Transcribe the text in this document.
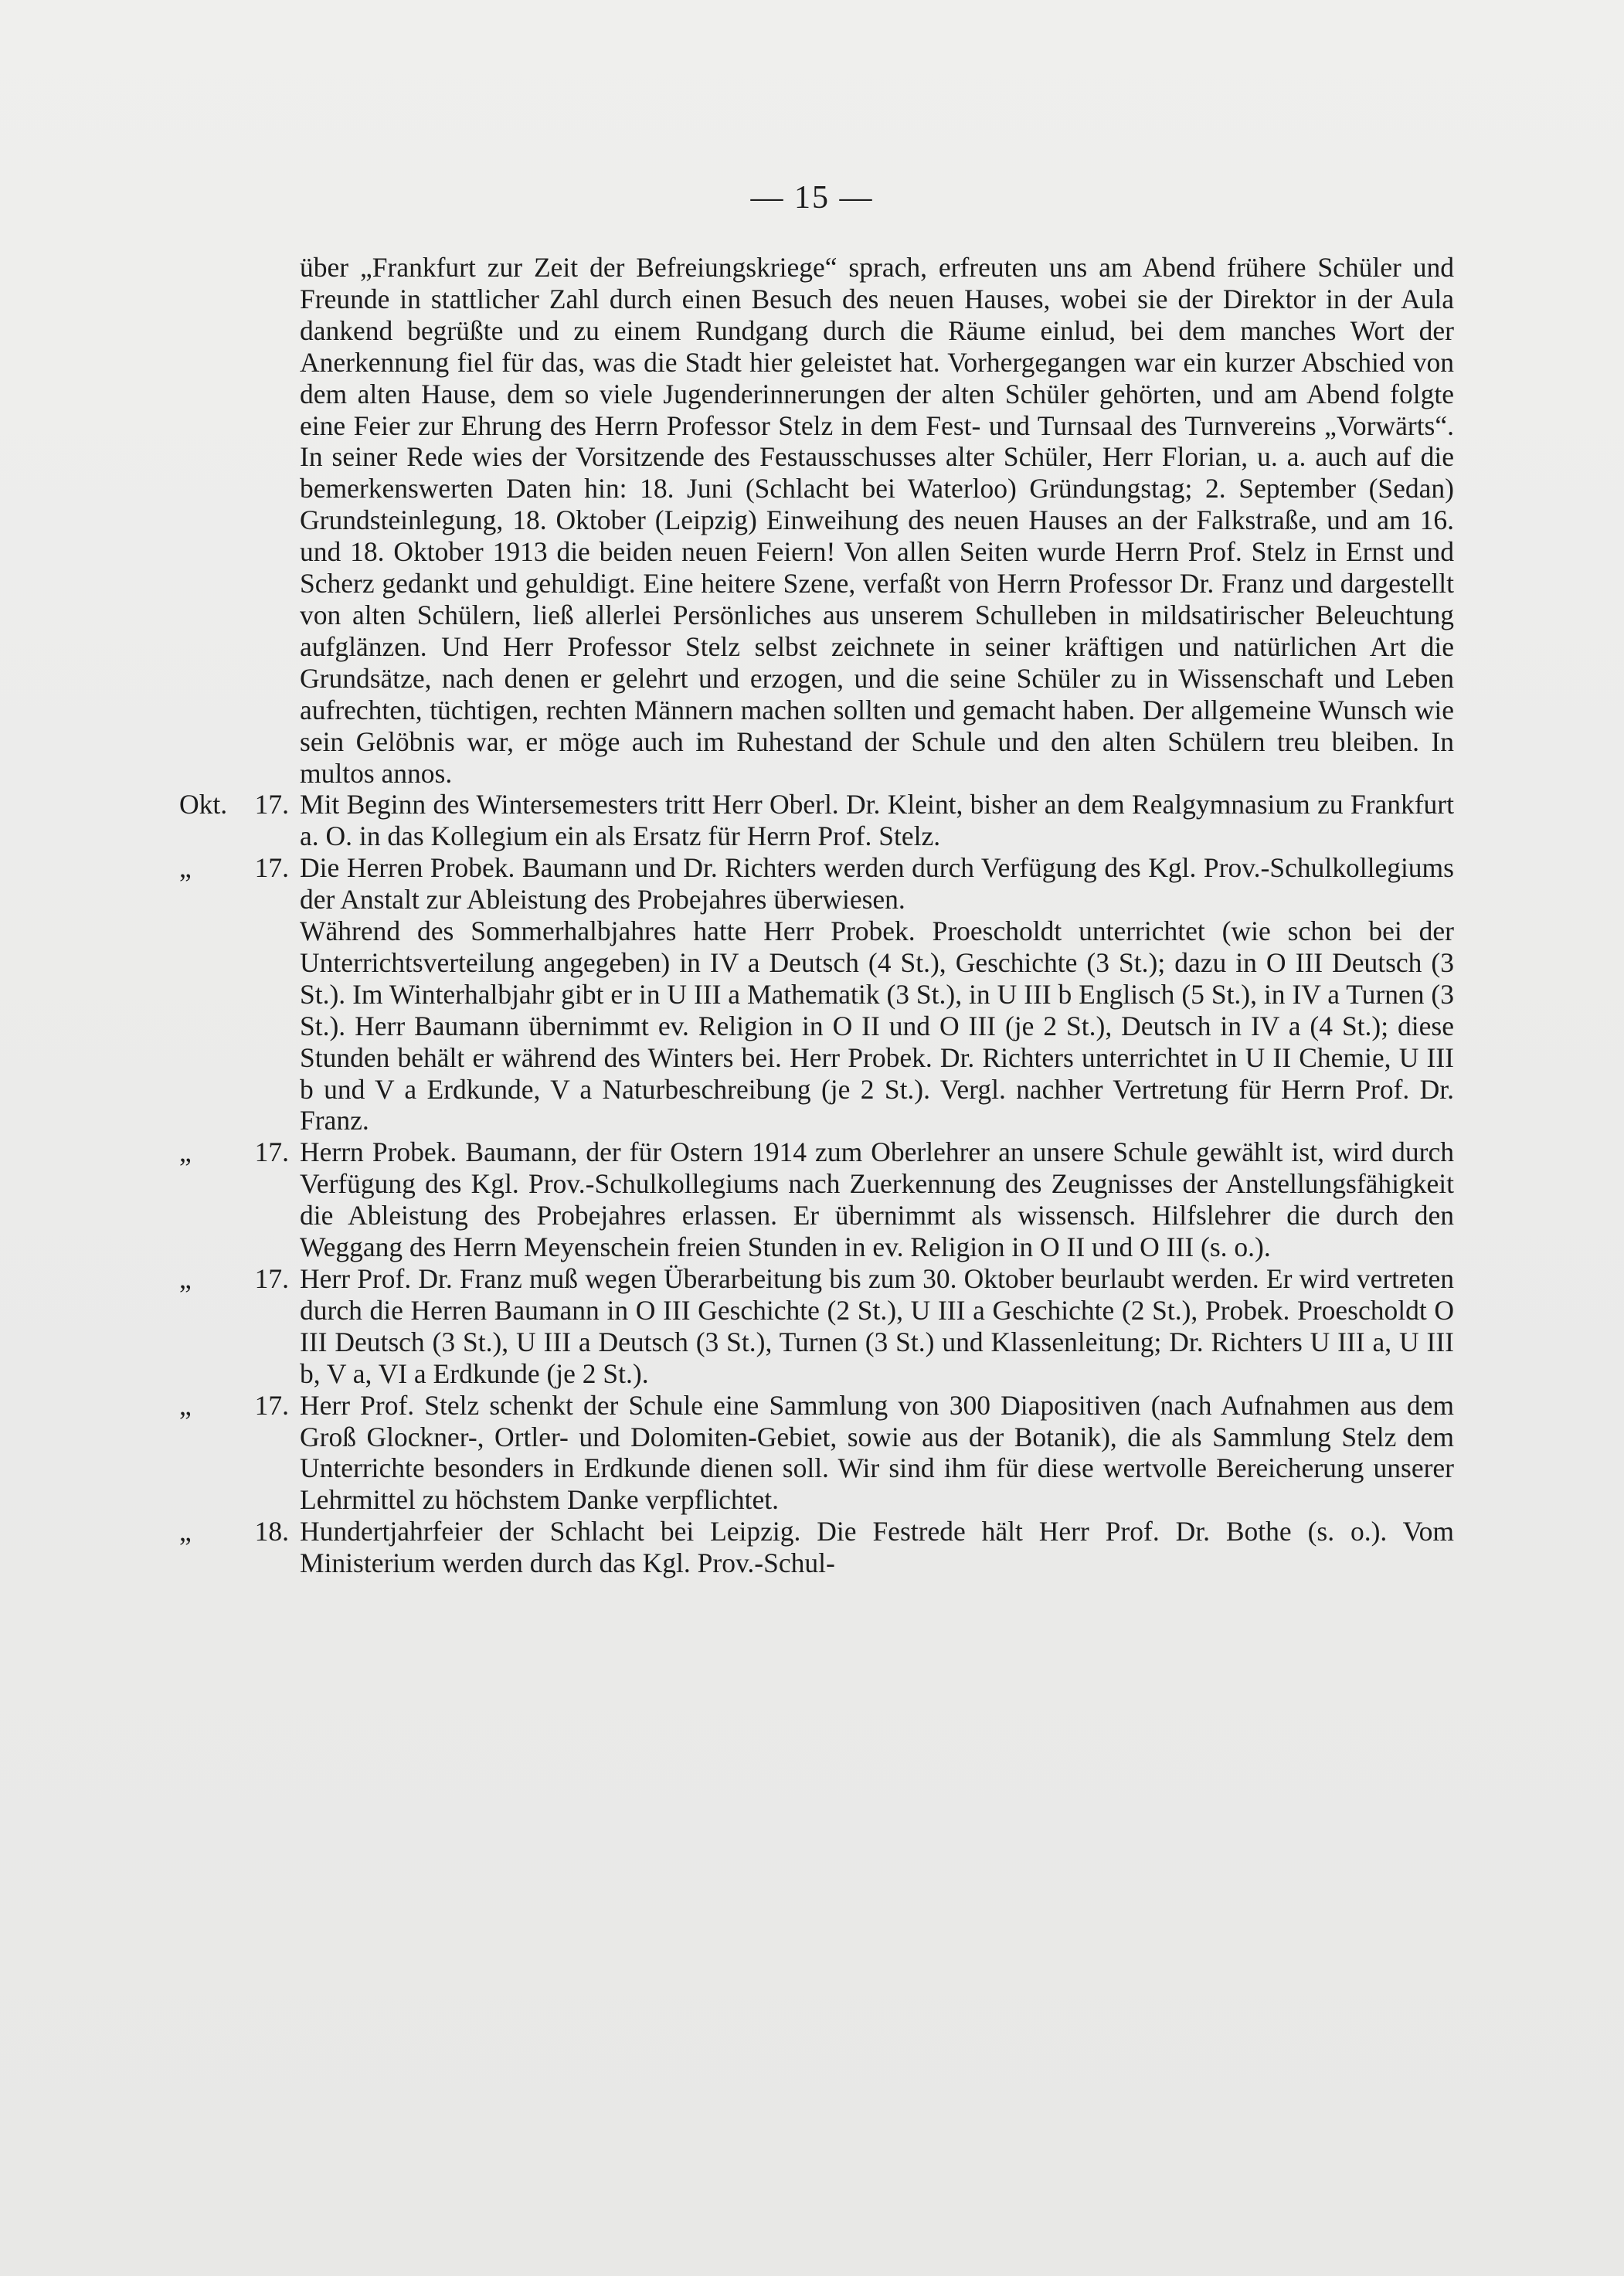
— 15 —

über „Frankfurt zur Zeit der Befreiungskriege“ sprach, erfreuten uns am Abend frühere Schüler und Freunde in stattlicher Zahl durch einen Besuch des neuen Hauses, wobei sie der Direktor in der Aula dankend begrüßte und zu einem Rundgang durch die Räume einlud, bei dem manches Wort der Anerkennung fiel für das, was die Stadt hier geleistet hat. Vorhergegangen war ein kurzer Abschied von dem alten Hause, dem so viele Jugenderinnerungen der alten Schüler gehörten, und am Abend folgte eine Feier zur Ehrung des Herrn Professor Stelz in dem Fest- und Turnsaal des Turnvereins „Vorwärts“. In seiner Rede wies der Vorsitzende des Festausschusses alter Schüler, Herr Florian, u. a. auch auf die bemerkenswerten Daten hin: 18. Juni (Schlacht bei Waterloo) Gründungstag; 2. September (Sedan) Grundsteinlegung, 18. Oktober (Leipzig) Einweihung des neuen Hauses an der Falkstraße, und am 16. und 18. Oktober 1913 die beiden neuen Feiern! Von allen Seiten wurde Herrn Prof. Stelz in Ernst und Scherz gedankt und gehuldigt. Eine heitere Szene, verfaßt von Herrn Professor Dr. Franz und dargestellt von alten Schülern, ließ allerlei Persönliches aus unserem Schulleben in mildsatirischer Beleuchtung aufglänzen. Und Herr Professor Stelz selbst zeichnete in seiner kräftigen und natürlichen Art die Grundsätze, nach denen er gelehrt und erzogen, und die seine Schüler zu in Wissenschaft und Leben aufrechten, tüchtigen, rechten Männern machen sollten und gemacht haben. Der allgemeine Wunsch wie sein Gelöbnis war, er möge auch im Ruhestand der Schule und den alten Schülern treu bleiben. In multos annos.

Okt.	17. Mit Beginn des Wintersemesters tritt Herr Oberl. Dr. Kleint, bisher an dem Realgymnasium zu Frankfurt a. O. in das Kollegium ein als Ersatz für Herrn Prof. Stelz.

„	17. Die Herren Probek. Baumann und Dr. Richters werden durch Verfügung des Kgl. Prov.-Schulkollegiums der Anstalt zur Ableistung des Probejahres überwiesen.

Während des Sommerhalbjahres hatte Herr Probek. Proescholdt unterrichtet (wie schon bei der Unterrichtsverteilung angegeben) in IV a Deutsch (4 St.), Geschichte (3 St.); dazu in O III Deutsch (3 St.). Im Winterhalbjahr gibt er in U III a Mathematik (3 St.), in U III b Englisch (5 St.), in IV a Turnen (3 St.). Herr Baumann übernimmt ev. Religion in O II und O III (je 2 St.), Deutsch in IV a (4 St.); diese Stunden behält er während des Winters bei. Herr Probek. Dr. Richters unterrichtet in U II Chemie, U III b und V a Erdkunde, V a Naturbeschreibung (je 2 St.). Vergl. nachher Vertretung für Herrn Prof. Dr. Franz.

„	17. Herrn Probek. Baumann, der für Ostern 1914 zum Oberlehrer an unsere Schule gewählt ist, wird durch Verfügung des Kgl. Prov.-Schulkollegiums nach Zuerkennung des Zeugnisses der Anstellungsfähigkeit die Ableistung des Probejahres erlassen. Er übernimmt als wissensch. Hilfslehrer die durch den Weggang des Herrn Meyenschein freien Stunden in ev. Religion in O II und O III (s. o.).

„	17. Herr Prof. Dr. Franz muß wegen Überarbeitung bis zum 30. Oktober beurlaubt werden. Er wird vertreten durch die Herren Baumann in O III Geschichte (2 St.), U III a Geschichte (2 St.), Probek. Proescholdt O III Deutsch (3 St.), U III a Deutsch (3 St.), Turnen (3 St.) und Klassenleitung; Dr. Richters U III a, U III b, V a, VI a Erdkunde (je 2 St.).

„	17. Herr Prof. Stelz schenkt der Schule eine Sammlung von 300 Diapositiven (nach Aufnahmen aus dem Groß Glockner-, Ortler- und Dolomiten-Gebiet, sowie aus der Botanik), die als Sammlung Stelz dem Unterrichte besonders in Erdkunde dienen soll. Wir sind ihm für diese wertvolle Bereicherung unserer Lehrmittel zu höchstem Danke verpflichtet.

„	18. Hundertjahrfeier der Schlacht bei Leipzig. Die Festrede hält Herr Prof. Dr. Bothe (s. o.). Vom Ministerium werden durch das Kgl. Prov.-Schul-
